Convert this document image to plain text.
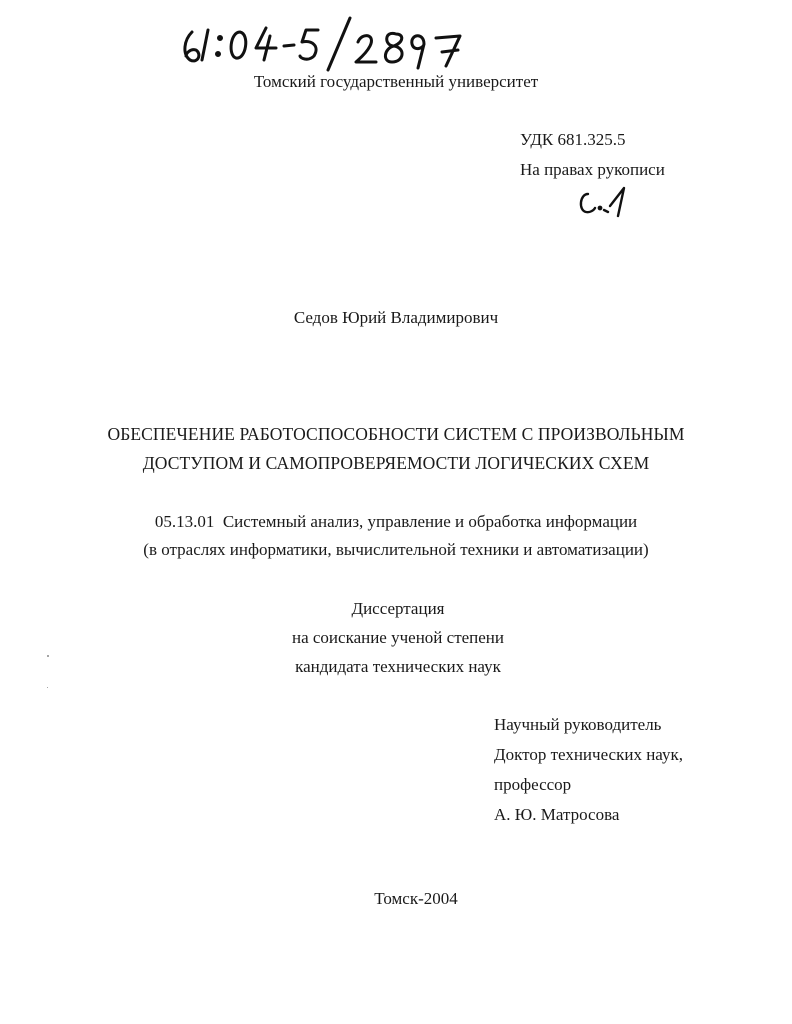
Томский государственный университет
УДК 681.325.5
На правах рукописи
Седов Юрий Владимирович
ОБЕСПЕЧЕНИЕ РАБОТОСПОСОБНОСТИ СИСТЕМ С ПРОИЗВОЛЬНЫМ
ДОСТУПОМ И САМОПРОВЕРЯЕМОСТИ ЛОГИЧЕСКИХ СХЕМ
05.13.01 Системный анализ, управление и обработка информации
(в отраслях информатики, вычислительной техники и автоматизации)
Диссертация
на соискание ученой степени
кандидата технических наук
Научный руководитель
Доктор технических наук,
профессор
А. Ю. Матросова
Томск-2004
